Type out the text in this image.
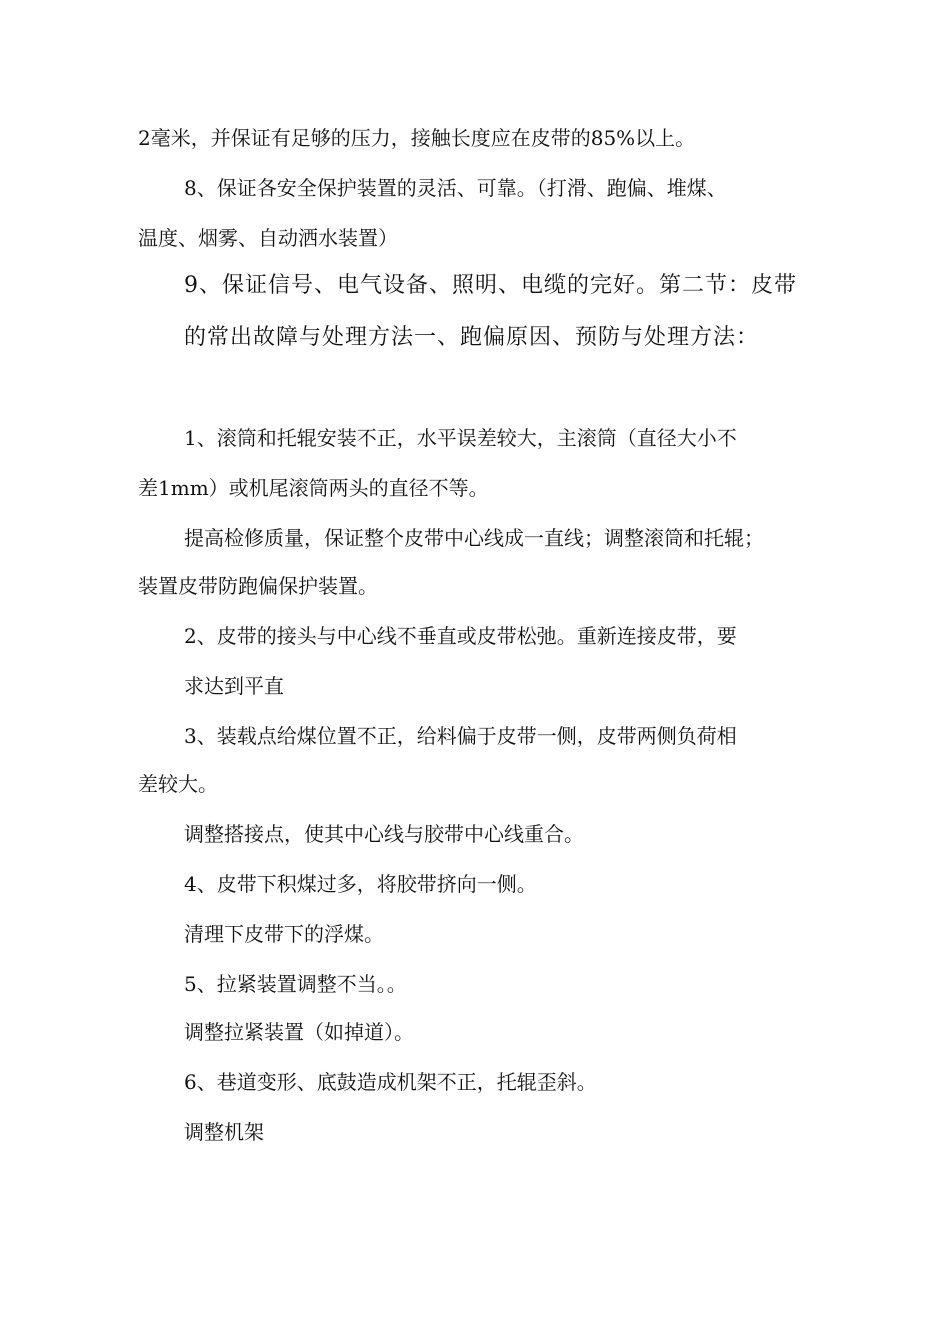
2毫米，并保证有足够的压力，接触长度应在皮带的85%以上。
8、保证各安全保护装置的灵活、可靠。（打滑、跑偏、堆煤、
温度、烟雾、自动洒水装置）
9、保证信号、电气设备、照明、电缆的完好。第二节：皮带
的常出故障与处理方法一、跑偏原因、预防与处理方法：
1、滚筒和托辊安装不正，水平误差较大，主滚筒（直径大小不
差1mm）或机尾滚筒两头的直径不等。
提高检修质量，保证整个皮带中心线成一直线；调整滚筒和托辊；
装置皮带防跑偏保护装置。
2、皮带的接头与中心线不垂直或皮带松弛。重新连接皮带，要
求达到平直
3、装载点给煤位置不正，给料偏于皮带一侧，皮带两侧负荷相
差较大。
调整搭接点，使其中心线与胶带中心线重合。
4、皮带下积煤过多，将胶带挤向一侧。
清理下皮带下的浮煤。
5、拉紧装置调整不当。。
调整拉紧装置（如掉道）。
6、巷道变形、底鼓造成机架不正，托辊歪斜。
调整机架
